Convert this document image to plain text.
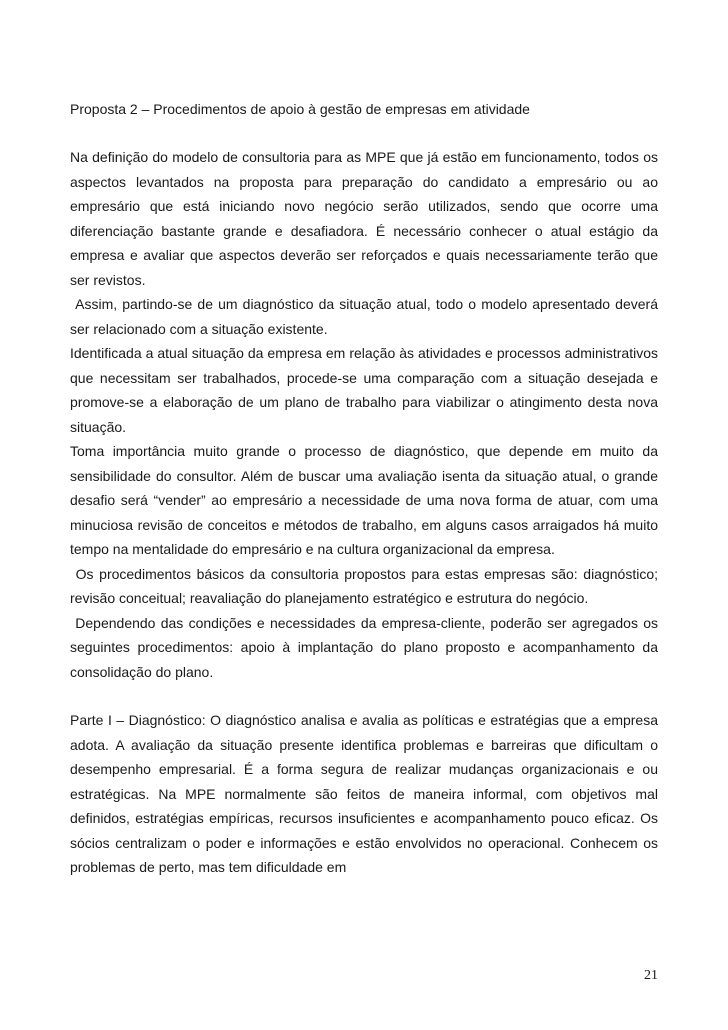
Proposta 2 – Procedimentos de apoio à gestão de empresas em atividade

Na definição do modelo de consultoria para as MPE que já estão em funcionamento, todos os aspectos levantados na proposta para preparação do candidato a empresário ou ao empresário que está iniciando novo negócio serão utilizados, sendo que ocorre uma diferenciação bastante grande e desafiadora. É necessário conhecer o atual estágio da empresa e avaliar que aspectos deverão ser reforçados e quais necessariamente terão que ser revistos.

Assim, partindo-se de um diagnóstico da situação atual, todo o modelo apresentado deverá ser relacionado com a situação existente.

Identificada a atual situação da empresa em relação às atividades e processos administrativos que necessitam ser trabalhados, procede-se uma comparação com a situação desejada e promove-se a elaboração de um plano de trabalho para viabilizar o atingimento desta nova situação.

Toma importância muito grande o processo de diagnóstico, que depende em muito da sensibilidade do consultor. Além de buscar uma avaliação isenta da situação atual, o grande desafio será “vender” ao empresário a necessidade de uma nova forma de atuar, com uma minuciosa revisão de conceitos e métodos de trabalho, em alguns casos arraigados há muito tempo na mentalidade do empresário e na cultura organizacional da empresa.

Os procedimentos básicos da consultoria propostos para estas empresas são: diagnóstico; revisão conceitual; reavaliação do planejamento estratégico e estrutura do negócio.

Dependendo das condições e necessidades da empresa-cliente, poderão ser agregados os seguintes procedimentos: apoio à implantação do plano proposto e acompanhamento da consolidação do plano.

Parte I – Diagnóstico: O diagnóstico analisa e avalia as políticas e estratégias que a empresa adota. A avaliação da situação presente identifica problemas e barreiras que dificultam o desempenho empresarial. É a forma segura de realizar mudanças organizacionais e ou estratégicas. Na MPE normalmente são feitos de maneira informal, com objetivos mal definidos, estratégias empíricas, recursos insuficientes e acompanhamento pouco eficaz. Os sócios centralizam o poder e informações e estão envolvidos no operacional. Conhecem os problemas de perto, mas tem dificuldade em

21
